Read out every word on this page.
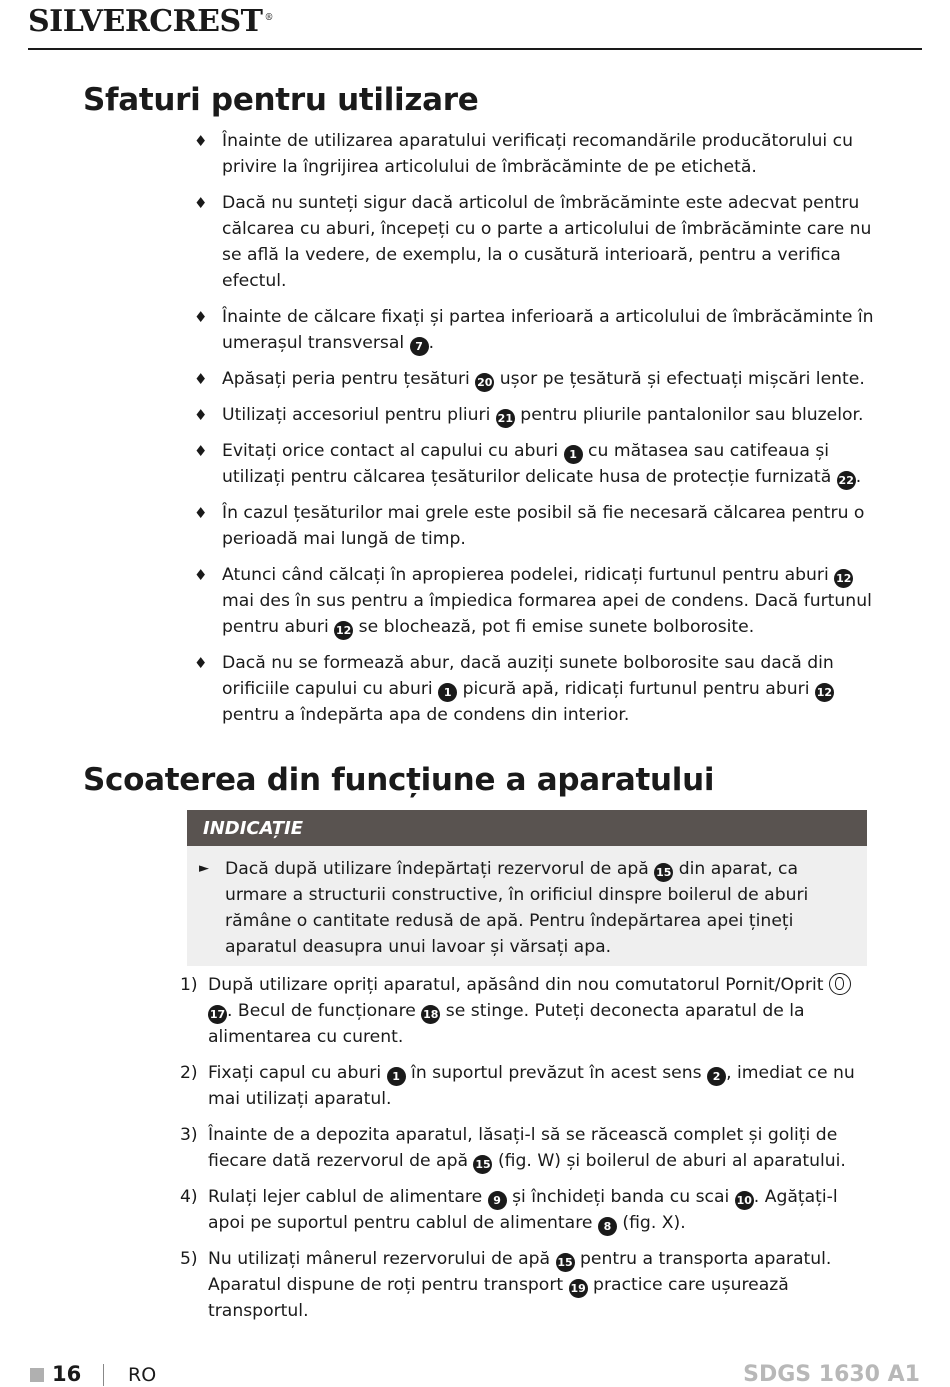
SILVERCREST ®
Sfaturi pentru utilizare
♦ Înainte de utilizarea aparatului verificați recomandările producătorului cu privire la îngrijirea articolului de îmbrăcăminte de pe etichetă.
♦ Dacă nu sunteți sigur dacă articolul de îmbrăcăminte este adecvat pentru călcarea cu aburi, începeți cu o parte a articolului de îmbrăcăminte care nu se află la vedere, de exemplu, la o cusătură interioară, pentru a verifica efectul.
♦ Înainte de călcare fixați și partea inferioară a articolului de îmbrăcăminte în umerașul transversal 7 .
♦ Apăsați peria pentru țesături 20 ușor pe țesătură și efectuați mișcări lente.
♦ Utilizați accesoriul pentru pliuri 21 pentru pliurile pantalonilor sau bluzelor.
♦ Evitați orice contact al capului cu aburi 1 cu mătasea sau catifeaua și utilizați pentru călcarea țesăturilor delicate husa de protecție furnizată 22 .
♦ În cazul țesăturilor mai grele este posibil să fie necesară călcarea pentru o perioadă mai lungă de timp.
♦ Atunci când călcați în apropierea podelei, ridicați furtunul pentru aburi 12 mai des în sus pentru a împiedica formarea apei de condens. Dacă furtunul pentru aburi 12 se blochează, pot fi emise sunete bolborosite.
♦ Dacă nu se formează abur, dacă auziți sunete bolborosite sau dacă din orificiile capului cu aburi 1 picură apă, ridicați furtunul pentru aburi 12 pentru a îndepărta apa de condens din interior.
Scoaterea din funcțiune a aparatului
INDICAȚIE
► Dacă după utilizare îndepărtați rezervorul de apă 15 din aparat, ca urmare a structurii constructive, în orificiul dinspre boilerul de aburi rămâne o cantitate redusă de apă. Pentru îndepărtarea apei țineți aparatul deasupra unui lavoar și vărsați apa.
1) După utilizare opriți aparatul, apăsând din nou comutatorul Pornit/Oprit  17 . Becul de funcționare 18 se stinge. Puteți deconecta aparatul de la alimentarea cu curent.
2) Fixați capul cu aburi 1 în suportul prevăzut în acest sens 2 , imediat ce nu mai utilizați aparatul.
3) Înainte de a depozita aparatul, lăsați-l să se răcească complet și goliți de fiecare dată rezervorul de apă 15 (fig. W) și boilerul de aburi al aparatului.
4) Rulați lejer cablul de alimentare 9 și închideți banda cu scai 10 . Agățați-l apoi pe suportul pentru cablul de alimentare 8 (fig. X).
5) Nu utilizați mânerul rezervorului de apă 15 pentru a transporta aparatul. Aparatul dispune de roți pentru transport 19 practice care ușurează transportul.
16 RO	SDGS 1630 A1
